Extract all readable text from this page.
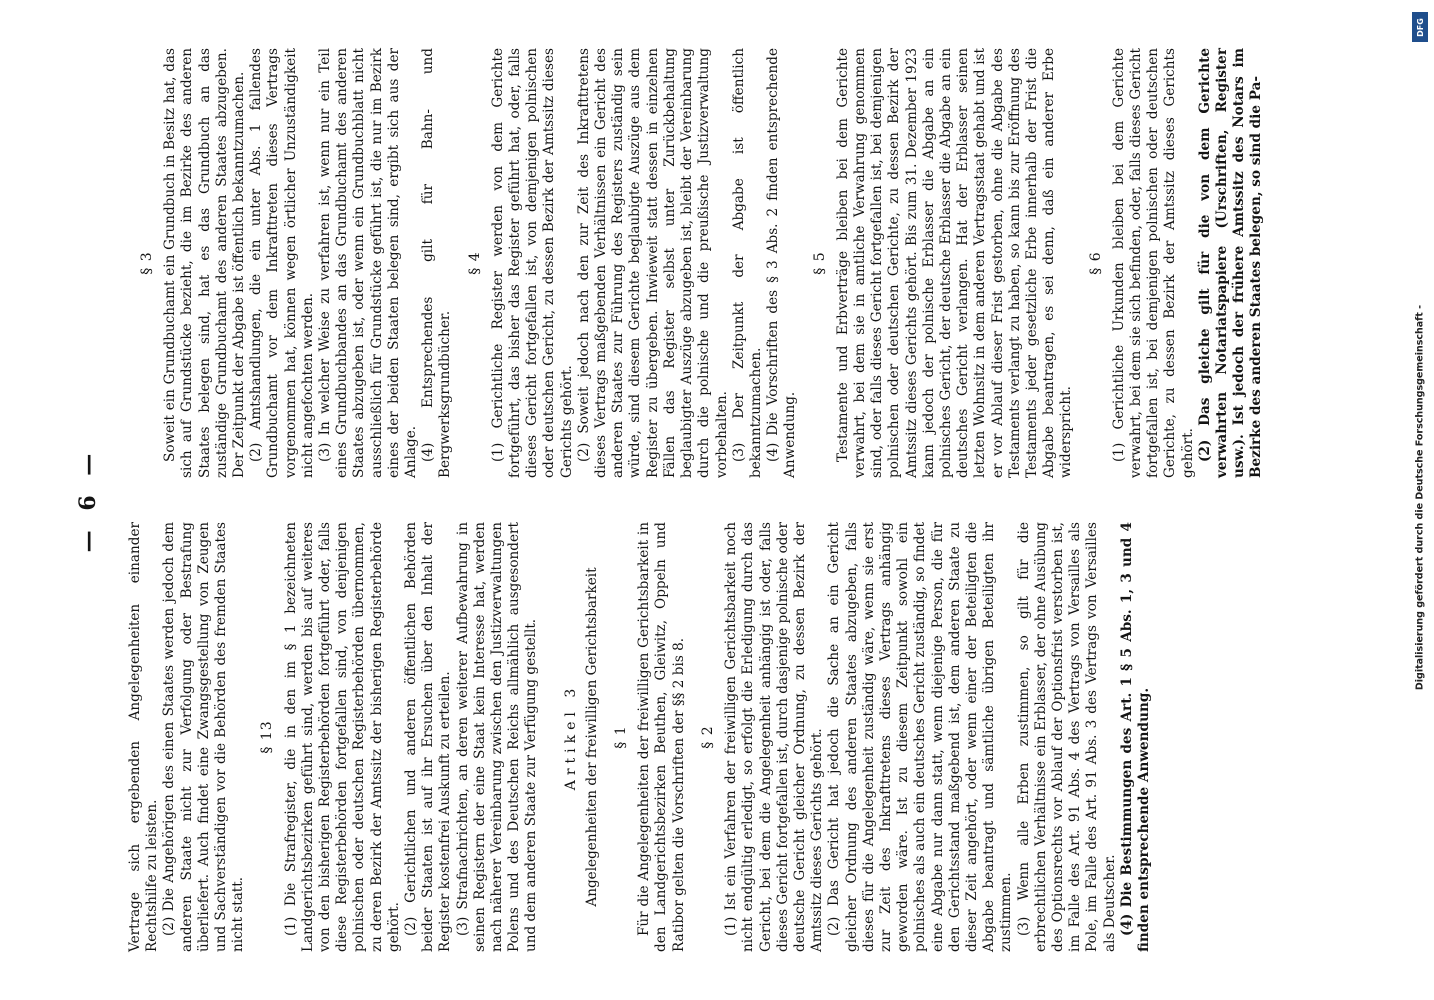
— 6 —

Vertrage sich ergebenden Angelegenheiten einander Rechtshilfe zu leisten. (2) Die Angehörigen des einen Staates werden jedoch dem anderen Staate nicht zur Verfolgung oder Bestrafung überliefert. Auch findet eine Zwangsgestellung von Zeugen und Sachverständigen vor die Behörden des fremden Staates nicht statt.

§ 13 (1) Die Strafregister, die in den im § 1 bezeichneten Landgerichtsbezirken geführt sind, werden bis auf weiteres von den bisherigen Registerbehörden fortgeführt oder, falls diese Registerbehörden fortgefallen sind, von denjenigen polnischen oder deutschen Registerbehörden übernommen, zu deren Bezirk der Amtssitz der bisherigen Registerbehörde gehört. (2) Gerichtlichen und anderen öffentlichen Behörden beider Staaten ist auf ihr Ersuchen über den Inhalt der Register kostenfrei Auskunft zu erteilen. (3) Strafnachrichten, an deren weiterer Aufbewahrung in seinen Registern der eine Staat kein Interesse hat, werden nach näherer Vereinbarung zwischen den Justizverwaltungen Polens und des Deutschen Reichs allmählich ausgesondert und dem anderen Staate zur Verfügung gestellt. Artikel 3 Angelegenheiten der freiwilligen Gerichtsbarkeit § 1 Für die Angelegenheiten der freiwilligen Gerichtsbarkeit in den Landgerichtsbezirken Beuthen, Gleiwitz, Oppeln und Ratibor gelten die Vorschriften der §§ 2 bis 8. § 2 (1) Ist ein Verfahren der freiwilligen Gerichtsbarkeit noch nicht endgültig erledigt, so erfolgt die Erledigung durch das Gericht, bei dem die Angelegenheit anhängig ist oder, falls dieses Gericht fortgefallen ist, durch dasjenige polnische oder deutsche Gericht gleicher Ordnung, zu dessen Bezirk der Amtssitz dieses Gerichts gehört. (2) Das Gericht hat jedoch die Sache an ein Gericht gleicher Ordnung des anderen Staates abzugeben, falls dieses für die Angelegenheit zuständig wäre, wenn sie erst zur Zeit des Inkrafttretens dieses Vertrags anhängig geworden wäre. Ist zu diesem Zeitpunkt sowohl ein polnisches als auch ein deutsches Gericht zuständig, so findet eine Abgabe nur dann statt, wenn diejenige Person, die für den Gerichtsstand maßgebend ist, dem anderen Staate zu dieser Zeit angehört, oder wenn einer der Beteiligten die Abgabe beantragt und sämtliche übrigen Beteiligten ihr zustimmen. (3) Wenn alle Erben zustimmen, so gilt für die erbrechtlichen Verhältnisse ein Erblasser, der ohne Ausübung des Optionsrechts vor Ablauf der Optionsfrist verstorben ist, im Falle des Art. 91 Abs. 4 des Vertrags von Versailles als Pole, im Falle des Art. 91 Abs. 3 des Vertrags von Versailles als Deutscher. (4) Die Bestimmungen des Art. 1 § 5 Abs. 1, 3 und 4 finden entsprechende Anwendung.

§ 3 Soweit ein Grundbuchamt ein Grundbuch in Besitz hat, das sich auf Grundstücke bezieht, die im Bezirke des anderen Staates belegen sind, hat es das Grundbuch an das zuständige Grundbuchamt des anderen Staates abzugeben. Der Zeitpunkt der Abgabe ist öffentlich bekanntzumachen. (2) Amtshandlungen, die ein unter Abs. 1 fallendes Grundbuchamt vor dem Inkrafttreten dieses Vertrags vorgenommen hat, können wegen örtlicher Unzuständigkeit nicht angefochten werden. (3) In welcher Weise zu verfahren ist, wenn nur ein Teil eines Grundbuchbandes an das Grundbuchamt des anderen Staates abzugeben ist, oder wenn ein Grundbuchblatt nicht ausschließlich für Grundstücke geführt ist, die nur im Bezirk eines der beiden Staaten belegen sind, ergibt sich aus der Anlage. (4) Entsprechendes gilt für Bahn- und Bergwerksgrundbücher.

§ 4 (1) Gerichtliche Register werden von dem Gerichte fortgeführt, das bisher das Register geführt hat, oder, falls dieses Gericht fortgefallen ist, von demjenigen polnischen oder deutschen Gericht, zu dessen Bezirk der Amtssitz dieses Gerichts gehört. (2) Soweit jedoch nach den zur Zeit des Inkrafttretens dieses Vertrags maßgebenden Verhältnissen ein Gericht des anderen Staates zur Führung des Registers zuständig sein würde, sind diesem Gerichte beglaubigte Auszüge aus dem Register zu übergeben. Inwieweit statt dessen in einzelnen Fällen das Register selbst unter Zurückbehaltung beglaubigter Auszüge abzugeben ist, bleibt der Vereinbarung durch die polnische und die preußische Justizverwaltung vorbehalten. (3) Der Zeitpunkt der Abgabe ist öffentlich bekanntzumachen. (4) Die Vorschriften des § 3 Abs. 2 finden entsprechende Anwendung.

§ 5 Testamente und Erbverträge bleiben bei dem Gerichte verwahrt, bei dem sie in amtliche Verwahrung genommen sind, oder falls dieses Gericht fortgefallen ist, bei demjenigen polnischen oder deutschen Gerichte, zu dessen Bezirk der Amtssitz dieses Gerichts gehört. Bis zum 31. Dezember 1923 kann jedoch der polnische Erblasser die Abgabe an ein polnisches Gericht, der deutsche Erblasser die Abgabe an ein deutsches Gericht verlangen. Hat der Erblasser seinen letzten Wohnsitz in dem anderen Vertragsstaat gehabt und ist er vor Ablauf dieser Frist gestorben, ohne die Abgabe des Testaments verlangt zu haben, so kann bis zur Eröffnung des Testaments jeder gesetzliche Erbe innerhalb der Frist die Abgabe beantragen, es sei denn, daß ein anderer Erbe widerspricht.

§ 6 (1) Gerichtliche Urkunden bleiben bei dem Gerichte verwahrt, bei dem sie sich befinden, oder, falls dieses Gericht fortgefallen ist, bei demjenigen polnischen oder deutschen Gerichte, zu dessen Bezirk der Amtssitz dieses Gerichts gehört. (2) Das gleiche gilt für die von dem Gerichte verwahrten Notariatspapiere (Urschriften, Register usw.). Ist jedoch der frühere Amtssitz des Notars im Bezirke des anderen Staates belegen, so sind die Pa-

Digitalisierung gefördert durch die Deutsche Forschungsgemeinschaft -
DFG
